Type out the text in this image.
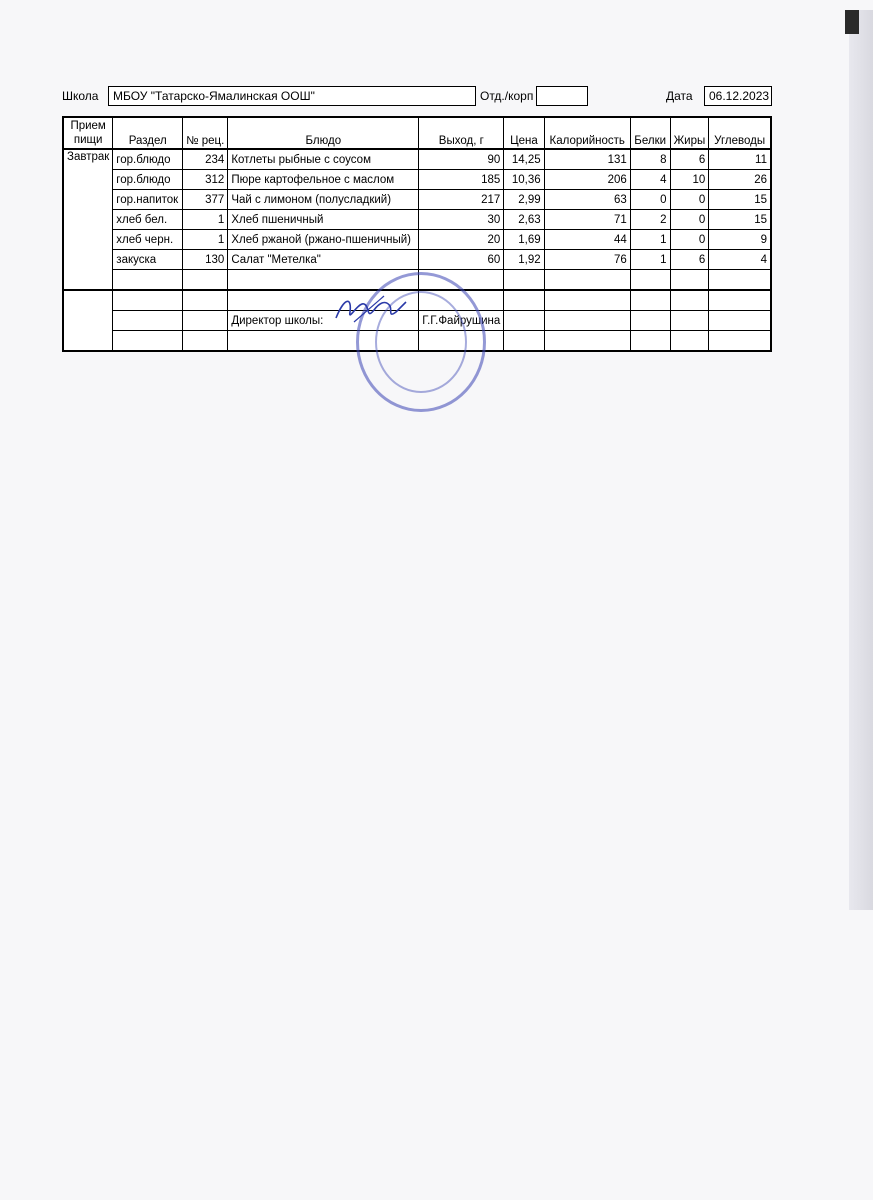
Школа	МБОУ "Татарско-Ямалинская ООШ"	Отд./корп	Дата	06.12.2023
Прием пищи	Раздел	№ рец.	Блюдо	Выход, г	Цена	Калорийность	Белки	Жиры	Углеводы
Завтрак	гор.блюдо	234	Котлеты рыбные с соусом	90	14,25	131	8	6	11
	гор.блюдо	312	Пюре картофельное с маслом	185	10,36	206	4	10	26
	гор.напиток	377	Чай с лимоном (полусладкий)	217	2,99	63	0	0	15
	хлеб бел.	1	Хлеб пшеничный	30	2,63	71	2	0	15
	хлеб черн.	1	Хлеб ржаной (ржано-пшеничный)	20	1,69	44	1	0	9
	закуска	130	Салат "Метелка"	60	1,92	76	1	6	4

			Директор школы:	Г.Г.Файрушина					
